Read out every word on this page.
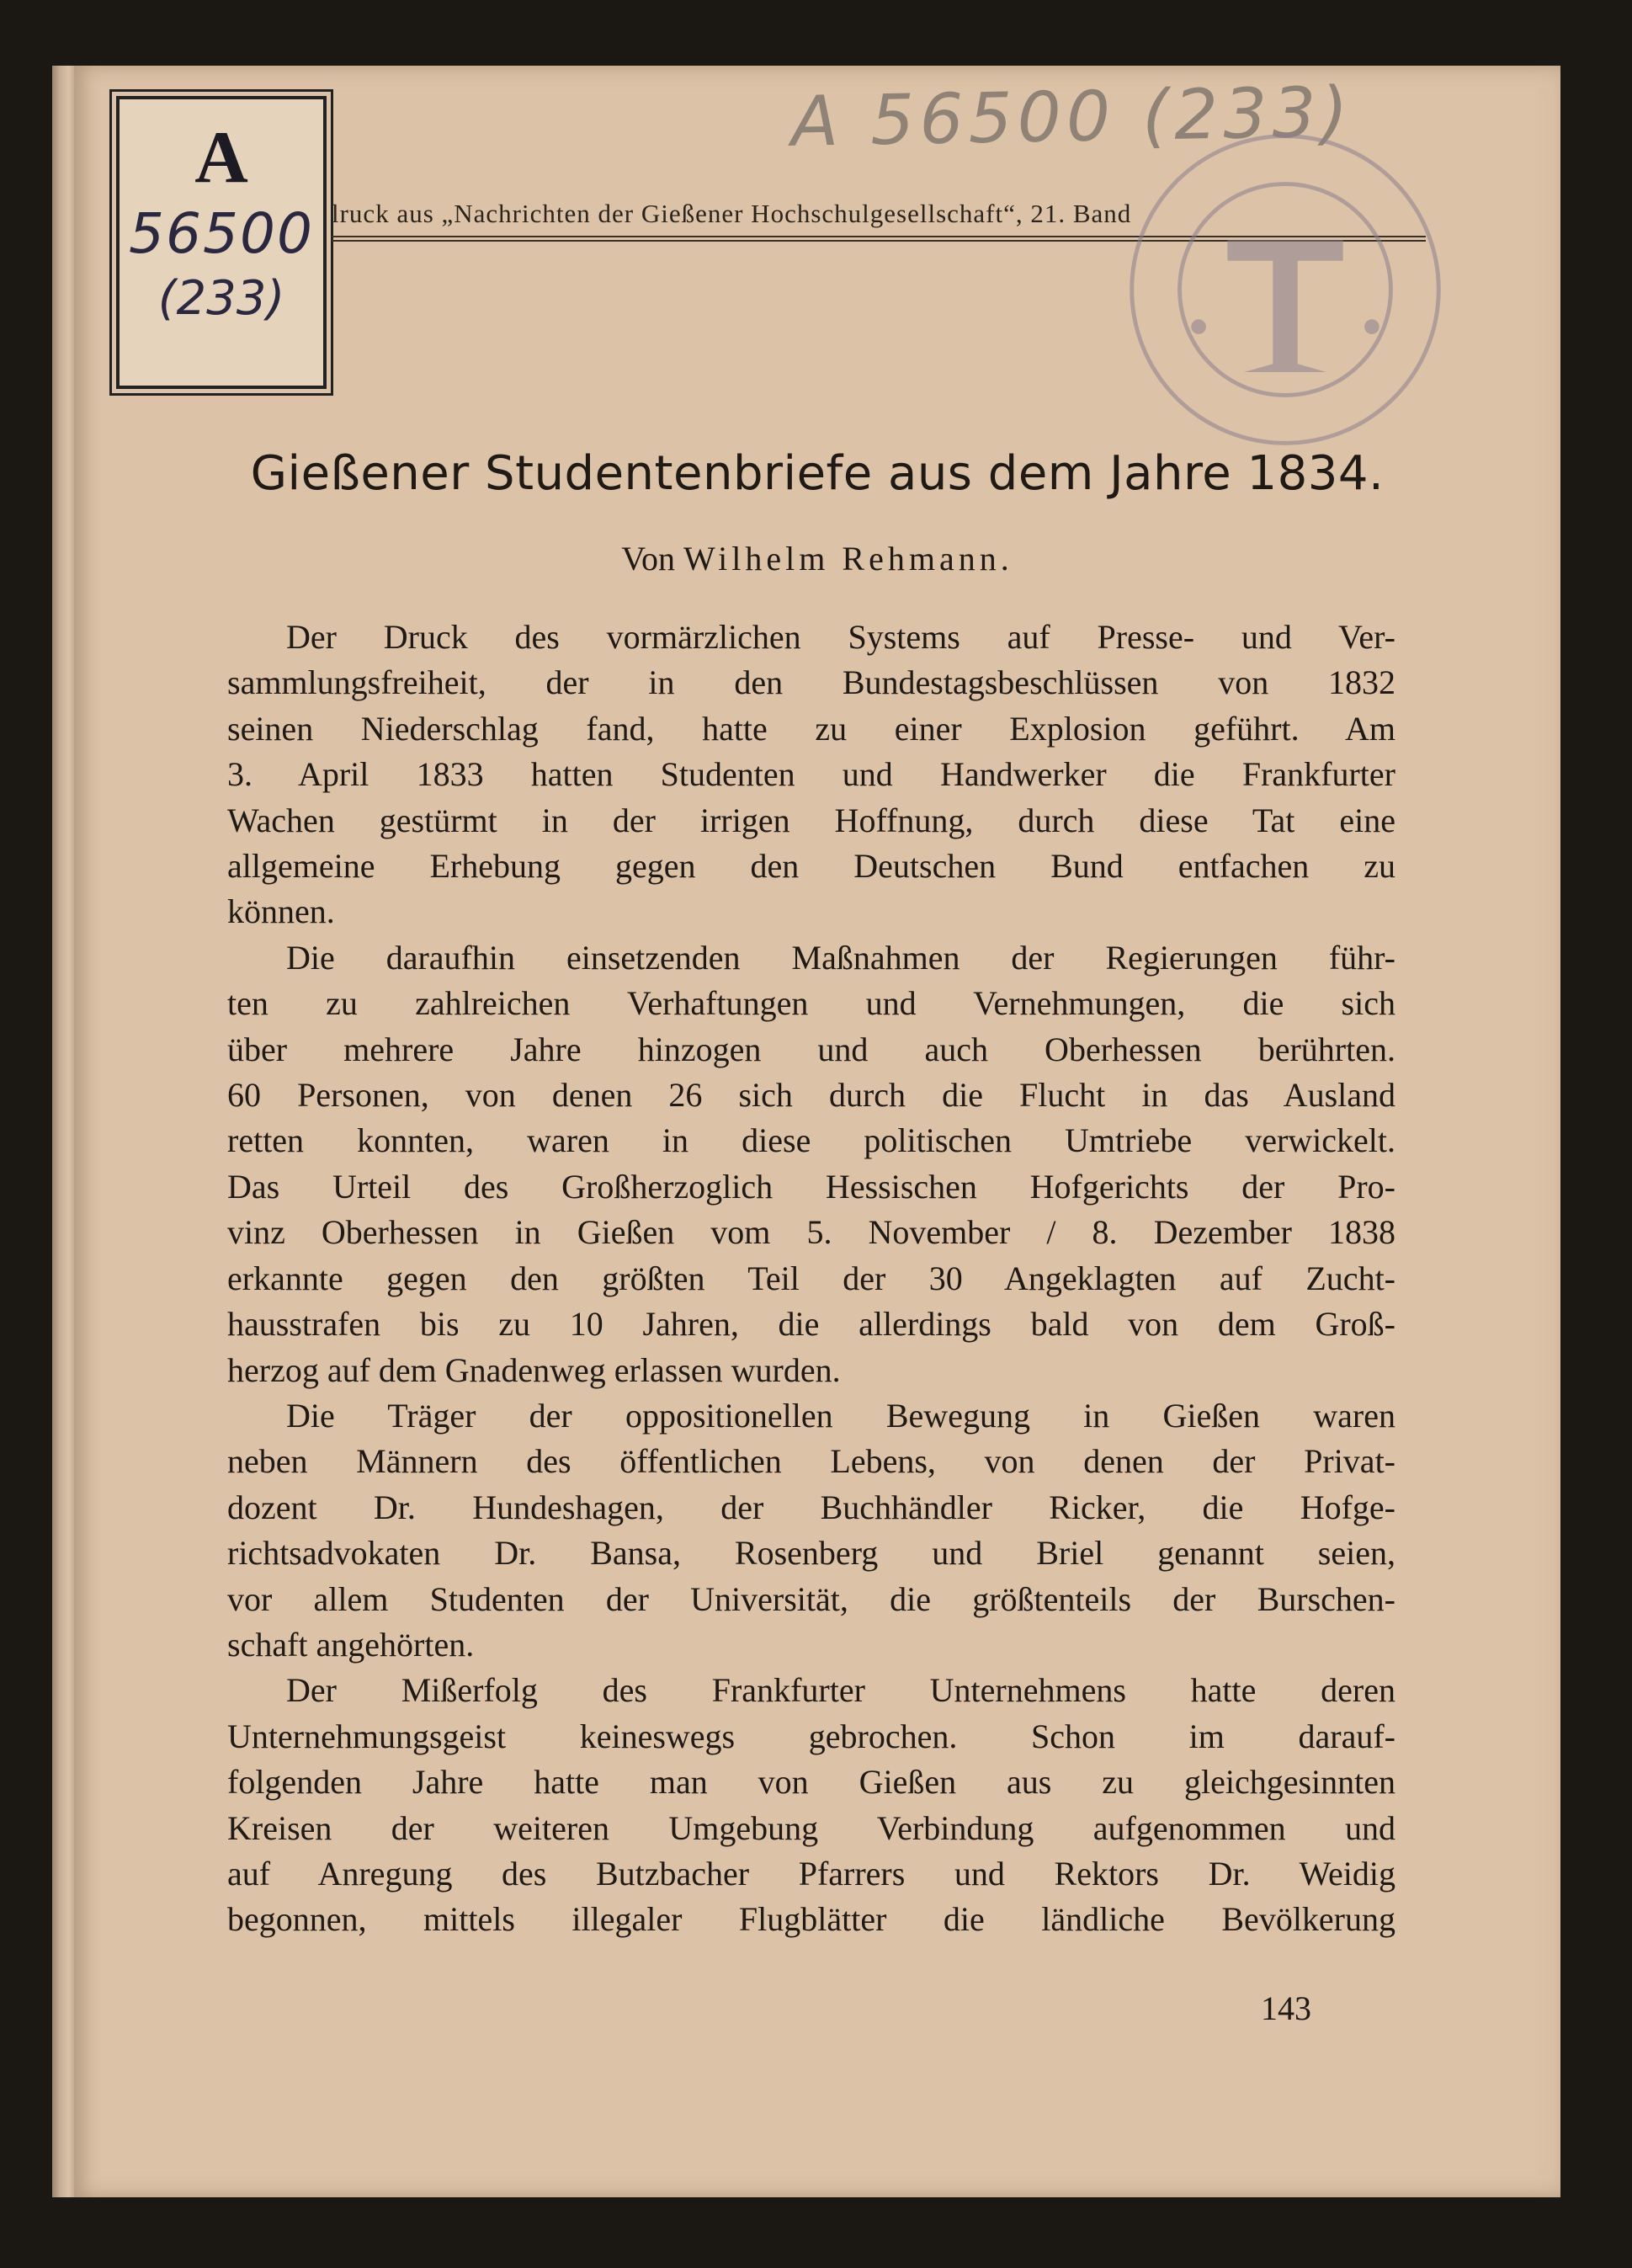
A
56500
(233)
A 56500 (233)
lruck aus „Nachrichten der Gießener Hochschulgesellschaft“, 21. Band
Gießener Studentenbriefe aus dem Jahre 1834.
Von Wilhelm Rehmann.

Der Druck des vormärzlichen Systems auf Presse- und Ver-
sammlungsfreiheit, der in den Bundestagsbeschlüssen von 1832
seinen Niederschlag fand, hatte zu einer Explosion geführt. Am
3. April 1833 hatten Studenten und Handwerker die Frankfurter
Wachen gestürmt in der irrigen Hoffnung, durch diese Tat eine
allgemeine Erhebung gegen den Deutschen Bund entfachen zu
können.

Die daraufhin einsetzenden Maßnahmen der Regierungen führ-
ten zu zahlreichen Verhaftungen und Vernehmungen, die sich
über mehrere Jahre hinzogen und auch Oberhessen berührten.
60 Personen, von denen 26 sich durch die Flucht in das Ausland
retten konnten, waren in diese politischen Umtriebe verwickelt.
Das Urteil des Großherzoglich Hessischen Hofgerichts der Pro-
vinz Oberhessen in Gießen vom 5. November / 8. Dezember 1838
erkannte gegen den größten Teil der 30 Angeklagten auf Zucht-
hausstrafen bis zu 10 Jahren, die allerdings bald von dem Groß-
herzog auf dem Gnadenweg erlassen wurden.

Die Träger der oppositionellen Bewegung in Gießen waren
neben Männern des öffentlichen Lebens, von denen der Privat-
dozent Dr. Hundeshagen, der Buchhändler Ricker, die Hofge-
richtsadvokaten Dr. Bansa, Rosenberg und Briel genannt seien,
vor allem Studenten der Universität, die größtenteils der Burschen-
schaft angehörten.

Der Mißerfolg des Frankfurter Unternehmens hatte deren
Unternehmungsgeist keineswegs gebrochen. Schon im darauf-
folgenden Jahre hatte man von Gießen aus zu gleichgesinnten
Kreisen der weiteren Umgebung Verbindung aufgenommen und
auf Anregung des Butzbacher Pfarrers und Rektors Dr. Weidig
begonnen, mittels illegaler Flugblätter die ländliche Bevölkerung

143
